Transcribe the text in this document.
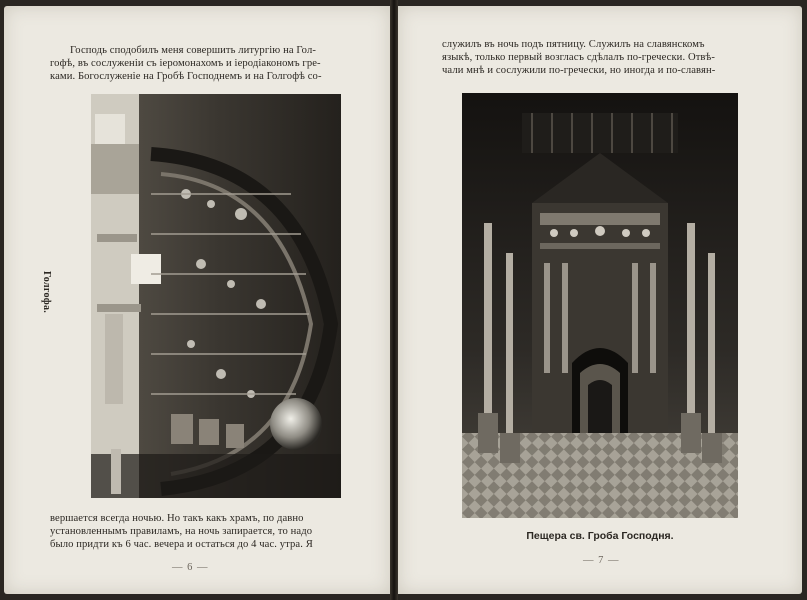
Господь сподобилъ меня совершить литургію на Гол-
гофѣ, въ сослуженіи съ іеромонахомъ и іеродіакономъ гре-
ками. Богослуженіе на Гробѣ Господнемъ и на Голгофѣ со-
Голгофа.
вершается всегда ночью. Но такъ какъ храмъ, по давно
установленнымъ правиламъ, на ночь запирается, то надо
было придти къ 6 час. вечера и остаться до 4 час. утра. Я
— 6 —
служилъ въ ночь подъ пятницу. Служилъ на славянскомъ
языкѣ, только первый возгласъ сдѣлалъ по-гречески. Отвѣ-
чали мнѣ и сослужили по-гречески, но иногда и по-славян-
Пещера св. Гроба Господня.
— 7 —
